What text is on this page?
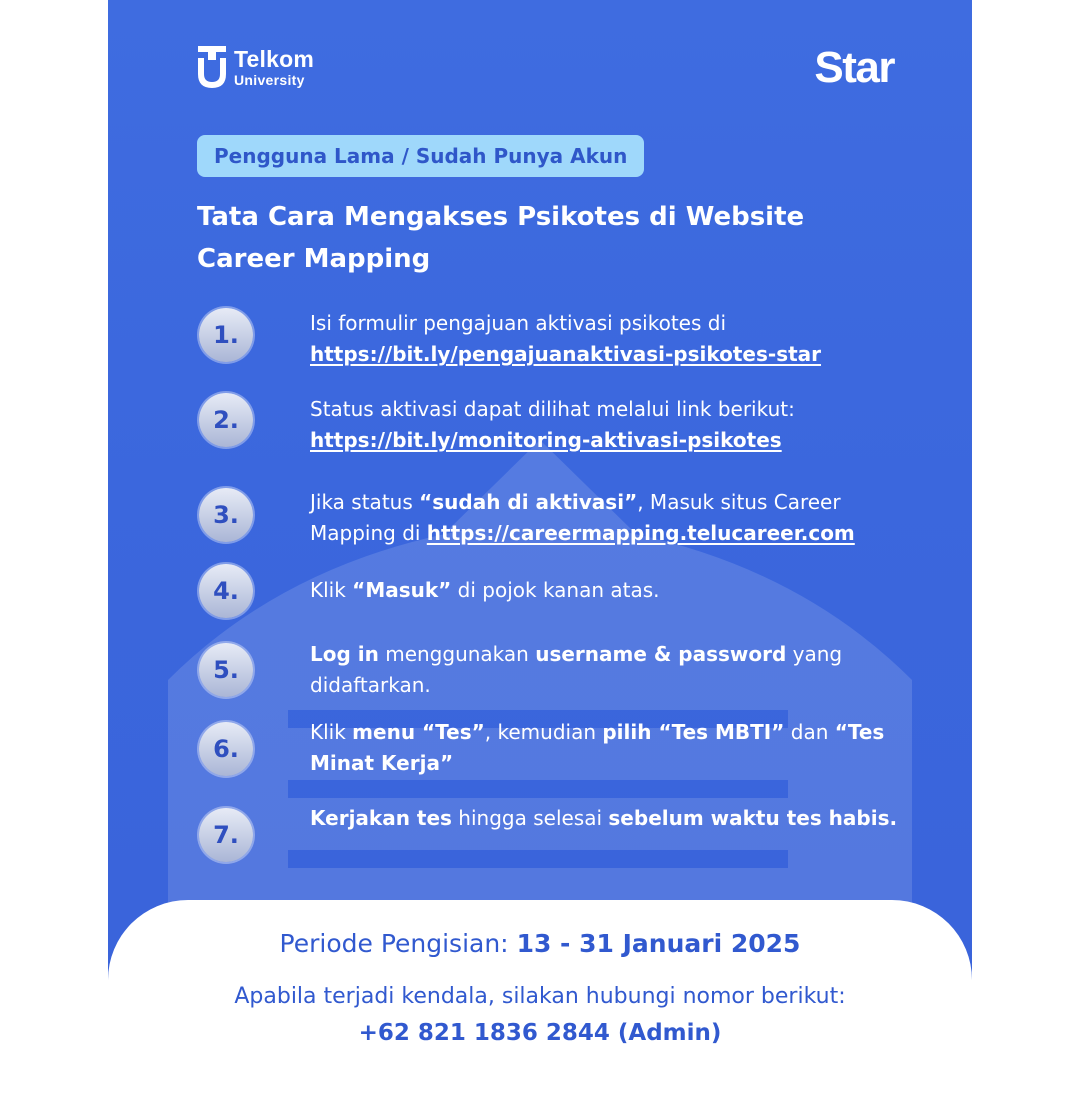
Telkom
University	Star
Pengguna Lama / Sudah Punya Akun
Tata Cara Mengakses Psikotes di Website Career Mapping
1.	Isi formulir pengajuan aktivasi psikotes di https://bit.ly/pengajuanaktivasi-psikotes-star
2.	Status aktivasi dapat dilihat melalui link berikut: https://bit.ly/monitoring-aktivasi-psikotes
3.	Jika status “sudah di aktivasi”, Masuk situs Career Mapping di https://careermapping.telucareer.com
4.	Klik “Masuk” di pojok kanan atas.
5.
Log in menggunakan username & password yang didaftarkan.
6.
Klik menu “Tes”, kemudian pilih “Tes MBTI” dan “Tes Minat Kerja”
7.
Kerjakan tes hingga selesai sebelum waktu tes habis.
Periode Pengisian: 13 - 31 Januari 2025
Apabila terjadi kendala, silakan hubungi nomor berikut:
+62 821 1836 2844 (Admin)
